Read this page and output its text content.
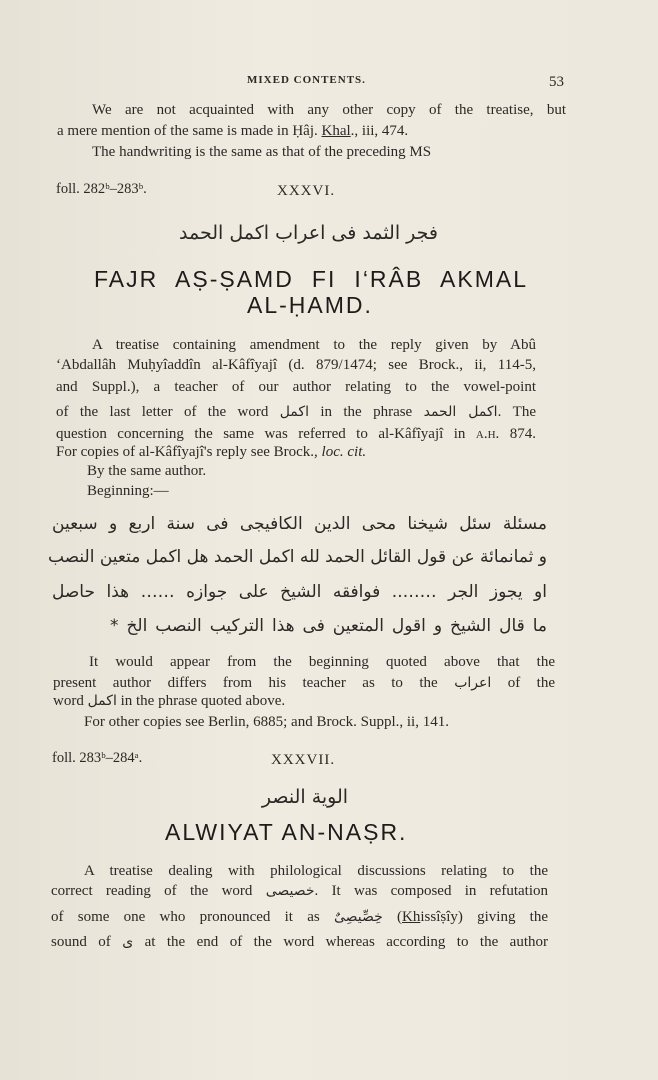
MIXED CONTENTS.	53

We are not acquainted with any other copy of the treatise, but

a mere mention of the same is made in Ḥâj. Khal., iii, 474.

The handwriting is the same as that of the preceding MS

foll. 282ᵇ–283ᵇ.	XXXVI.
فجر الثمد فى اعراب اكمل الحمد
FAJR AṢ-ṢAMD FI I‘RÂB AKMAL
AL-ḤAMD.

A treatise containing amendment to the reply given by Abû

‘Abdallâh Muḥyîaddîn al-Kâfîyajî (d. 879/1474; see Brock., ii, 114-5,

and Suppl.), a teacher of our author relating to the vowel-point

of the last letter of the word اكمل in the phrase اكمل الحمد. The

question concerning the same was referred to al-Kâfîyajî in a.h. 874.

For copies of al-Kâfîyajî's reply see Brock., loc. cit.

By the same author.

Beginning:—

مسئلة سئل شيخنا محى الدين الكافيجى فى سنة اربع و سبعين
و ثمانمائة عن قول القائل الحمد لله اكمل الحمد هل اكمل متعين النصب
او يجوز الجر …….. فوافقه الشيخ على جوازه …… هذا حاصل
ما قال الشيخ و اقول المتعين فى هذا التركيب النصب الخ *

It would appear from the beginning quoted above that the

present author differs from his teacher as to the اعراب of the

word اكمل in the phrase quoted above.

For other copies see Berlin, 6885; and Brock. Suppl., ii, 141.

foll. 283ᵇ–284ᵃ.	XXXVII.
الوية النصر
ALWIYAT AN-NAṢR.

A treatise dealing with philological discussions relating to the

correct reading of the word خصيصى. It was composed in refutation

of some one who pronounced it as خِصِّيصِىٌ (Khissîṣîy) giving the

sound of ى at the end of the word whereas according to the author
